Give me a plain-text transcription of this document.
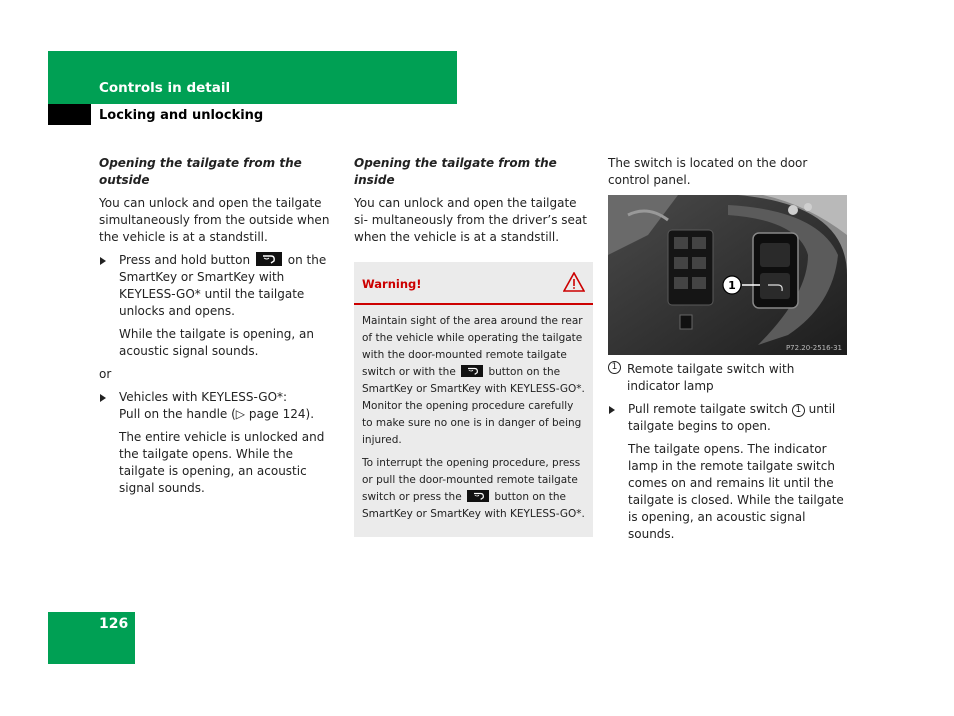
Controls in detail
Locking and unlocking

Opening the tailgate from the outside

You can unlock and open the tailgate simultaneously from the outside when the vehicle is at a standstill.

Press and hold button	on the SmartKey or SmartKey with KEYLESS-GO* until the tailgate unlocks and opens.

While the tailgate is opening, an acoustic signal sounds.

or

Vehicles with KEYLESS-GO*:
Pull on the handle (▷ page 124).

The entire vehicle is unlocked and the tailgate opens. While the tailgate is opening, an acoustic signal sounds.

Opening the tailgate from the inside

You can unlock and open the tailgate si- multaneously from the driver’s seat when the vehicle is at a standstill.

Warning!

Maintain sight of the area around the rear of the vehicle while operating the tailgate with the door-mounted remote tailgate switch or with the	button on the SmartKey or SmartKey with KEYLESS-GO*. Monitor the opening procedure carefully to make sure no one is in danger of being injured.

To interrupt the opening procedure, press or pull the door-mounted remote tailgate switch or press the	button on the SmartKey or SmartKey with KEYLESS-GO*.

The switch is located on the door control panel.

1
P72.20-2516-31
1 Remote tailgate switch with indicator lamp
Pull remote tailgate switch 1 until tailgate begins to open.

The tailgate opens. The indicator lamp in the remote tailgate switch comes on and remains lit until the tailgate is closed. While the tailgate is opening, an acoustic signal sounds.

126
